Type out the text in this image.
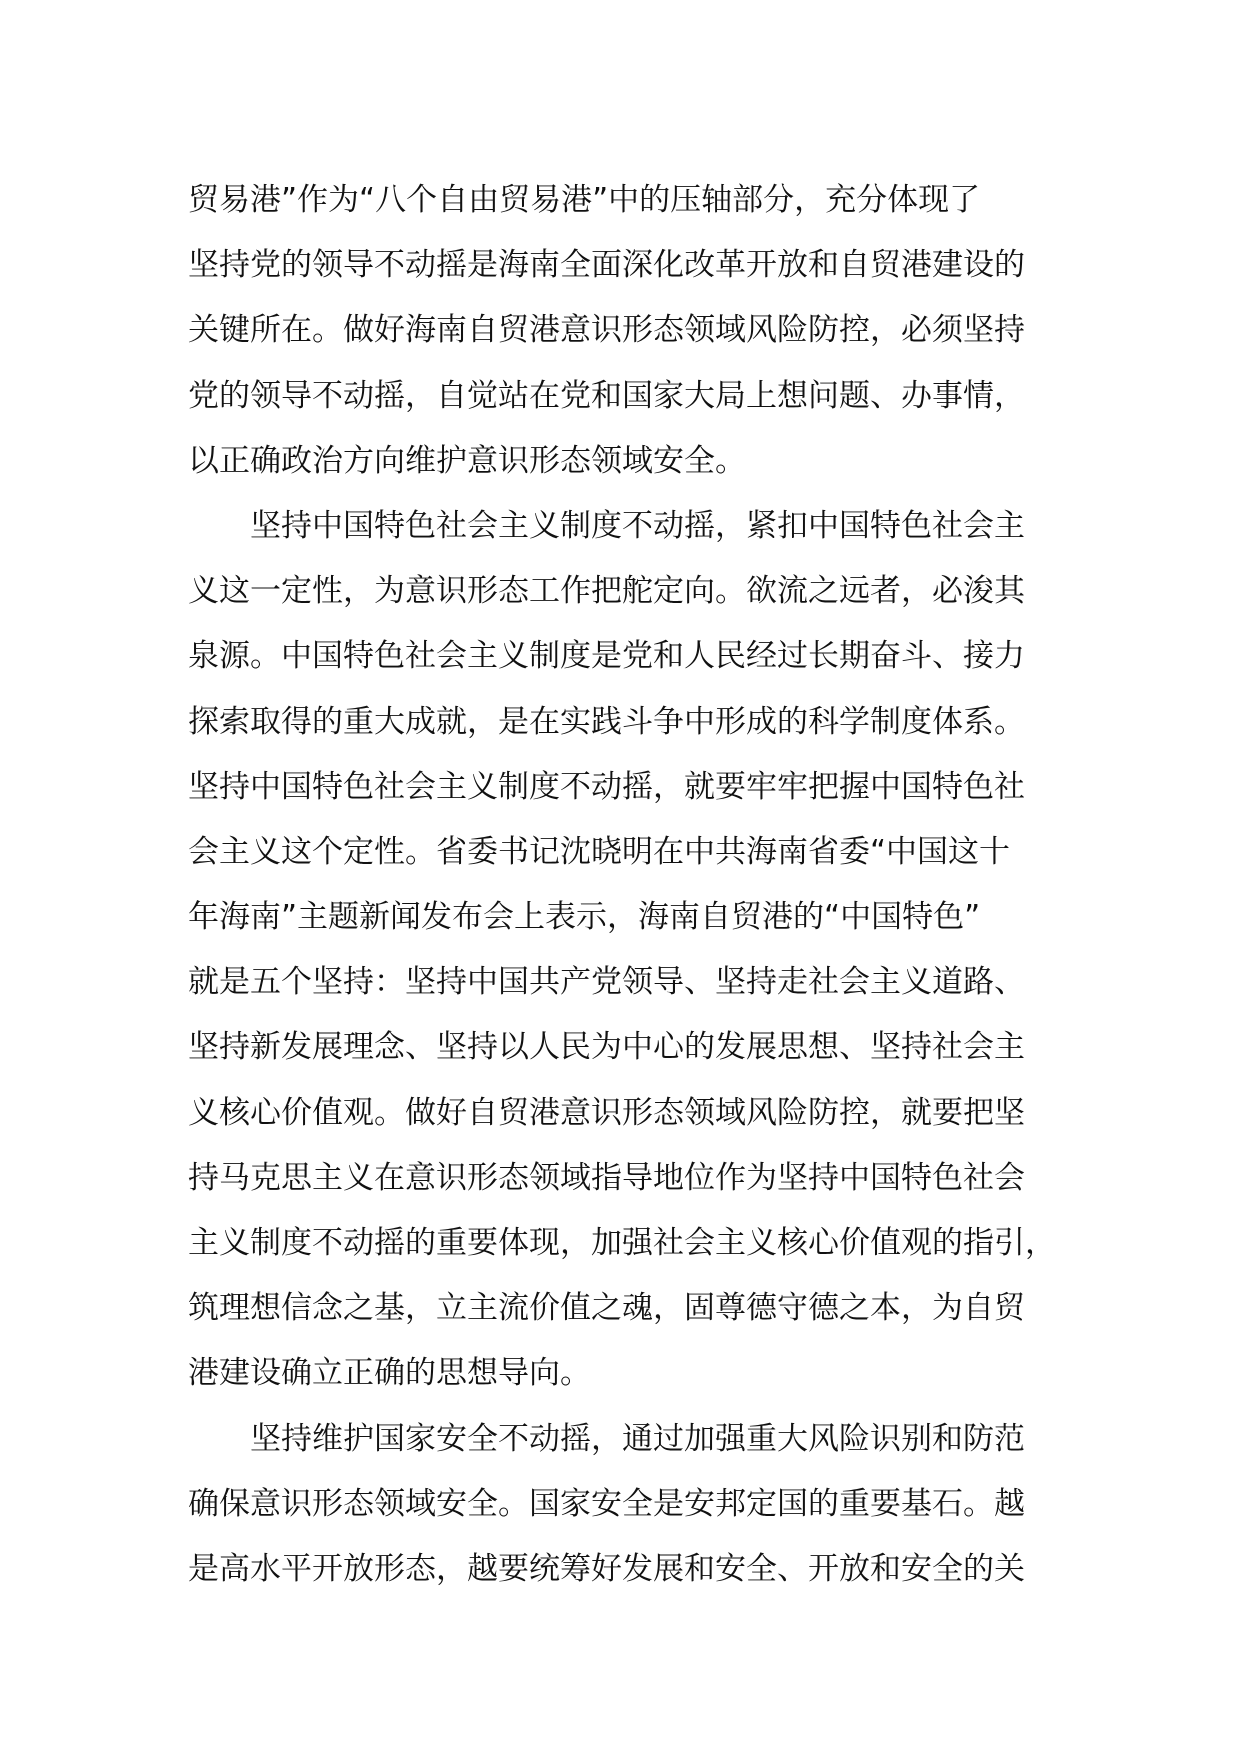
贸易港”作为“八个自由贸易港”中的压轴部分，充分体现了
坚持党的领导不动摇是海南全面深化改革开放和自贸港建设的
关键所在。做好海南自贸港意识形态领域风险防控，必须坚持
党的领导不动摇，自觉站在党和国家大局上想问题、办事情，
以正确政治方向维护意识形态领域安全。
坚持中国特色社会主义制度不动摇，紧扣中国特色社会主
义这一定性，为意识形态工作把舵定向。欲流之远者，必浚其
泉源。中国特色社会主义制度是党和人民经过长期奋斗、接力
探索取得的重大成就，是在实践斗争中形成的科学制度体系。
坚持中国特色社会主义制度不动摇，就要牢牢把握中国特色社
会主义这个定性。省委书记沈晓明在中共海南省委“中国这十
年海南”主题新闻发布会上表示，海南自贸港的“中国特色”
就是五个坚持：坚持中国共产党领导、坚持走社会主义道路、
坚持新发展理念、坚持以人民为中心的发展思想、坚持社会主
义核心价值观。做好自贸港意识形态领域风险防控，就要把坚
持马克思主义在意识形态领域指导地位作为坚持中国特色社会
主义制度不动摇的重要体现，加强社会主义核心价值观的指引，
筑理想信念之基，立主流价值之魂，固尊德守德之本，为自贸
港建设确立正确的思想导向。
坚持维护国家安全不动摇，通过加强重大风险识别和防范
确保意识形态领域安全。国家安全是安邦定国的重要基石。越
是高水平开放形态，越要统筹好发展和安全、开放和安全的关
